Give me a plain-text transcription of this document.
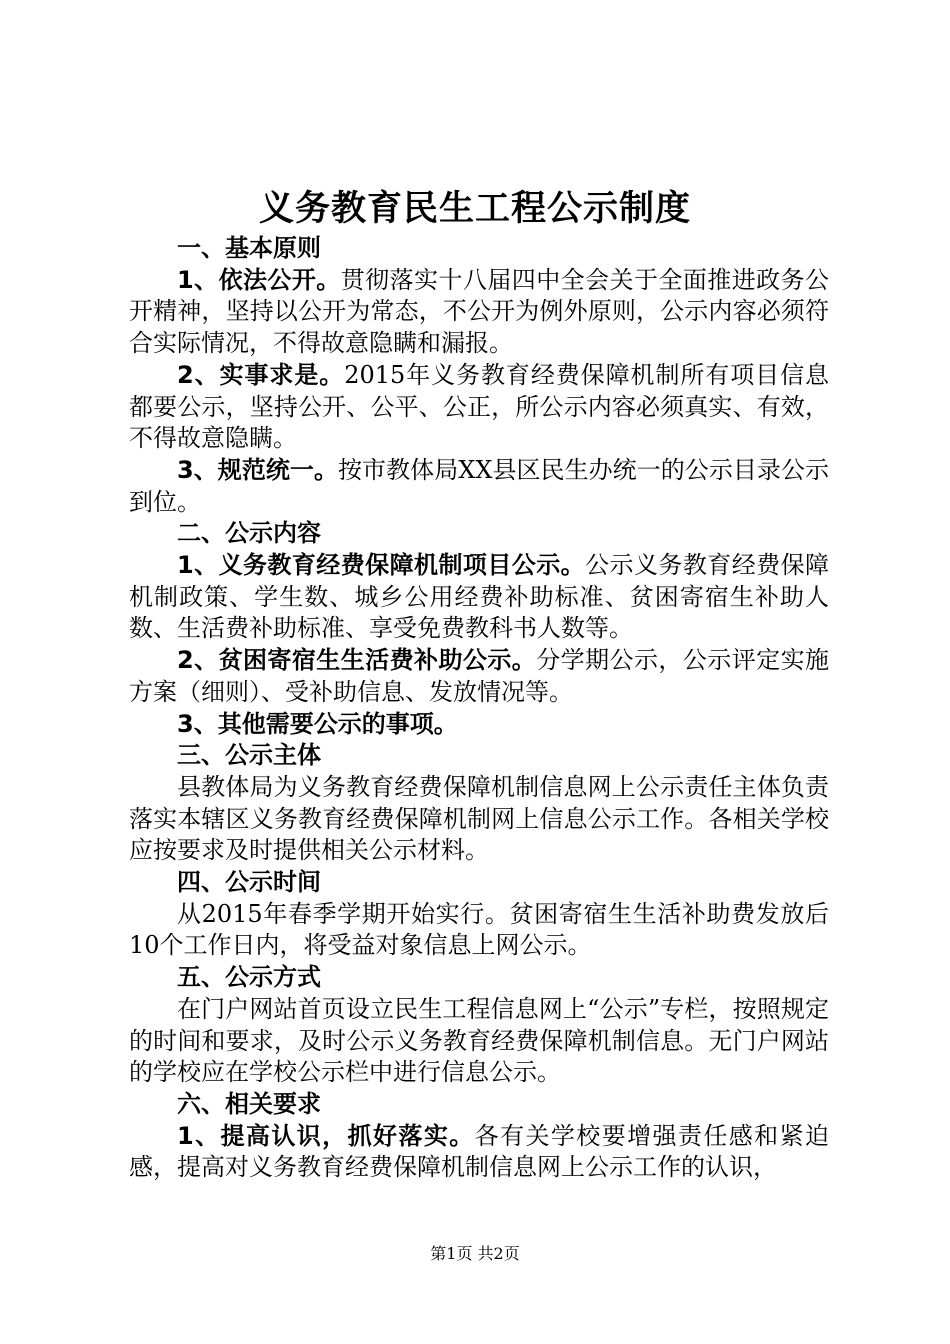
义务教育民生工程公示制度

一、基本原则

1、依法公开。贯彻落实十八届四中全会关于全面推进政务公开精神，坚持以公开为常态，不公开为例外原则，公示内容必须符合实际情况，不得故意隐瞒和漏报。

2、实事求是。2015年义务教育经费保障机制所有项目信息都要公示，坚持公开、公平、公正，所公示内容必须真实、有效，不得故意隐瞒。

3、规范统一。按市教体局XX县区民生办统一的公示目录公示到位。

二、公示内容

1、义务教育经费保障机制项目公示。公示义务教育经费保障机制政策、学生数、城乡公用经费补助标准、贫困寄宿生补助人数、生活费补助标准、享受免费教科书人数等。

2、贫困寄宿生生活费补助公示。分学期公示，公示评定实施方案（细则）、受补助信息、发放情况等。

3、其他需要公示的事项。

三、公示主体

县教体局为义务教育经费保障机制信息网上公示责任主体负责落实本辖区义务教育经费保障机制网上信息公示工作。各相关学校应按要求及时提供相关公示材料。

四、公示时间

从2015年春季学期开始实行。贫困寄宿生生活补助费发放后10个工作日内，将受益对象信息上网公示。

五、公示方式

在门户网站首页设立民生工程信息网上“公示”专栏，按照规定的时间和要求，及时公示义务教育经费保障机制信息。无门户网站的学校应在学校公示栏中进行信息公示。

六、相关要求

1、提高认识，抓好落实。各有关学校要增强责任感和紧迫感，提高对义务教育经费保障机制信息网上公示工作的认识，

第1页 共2页
